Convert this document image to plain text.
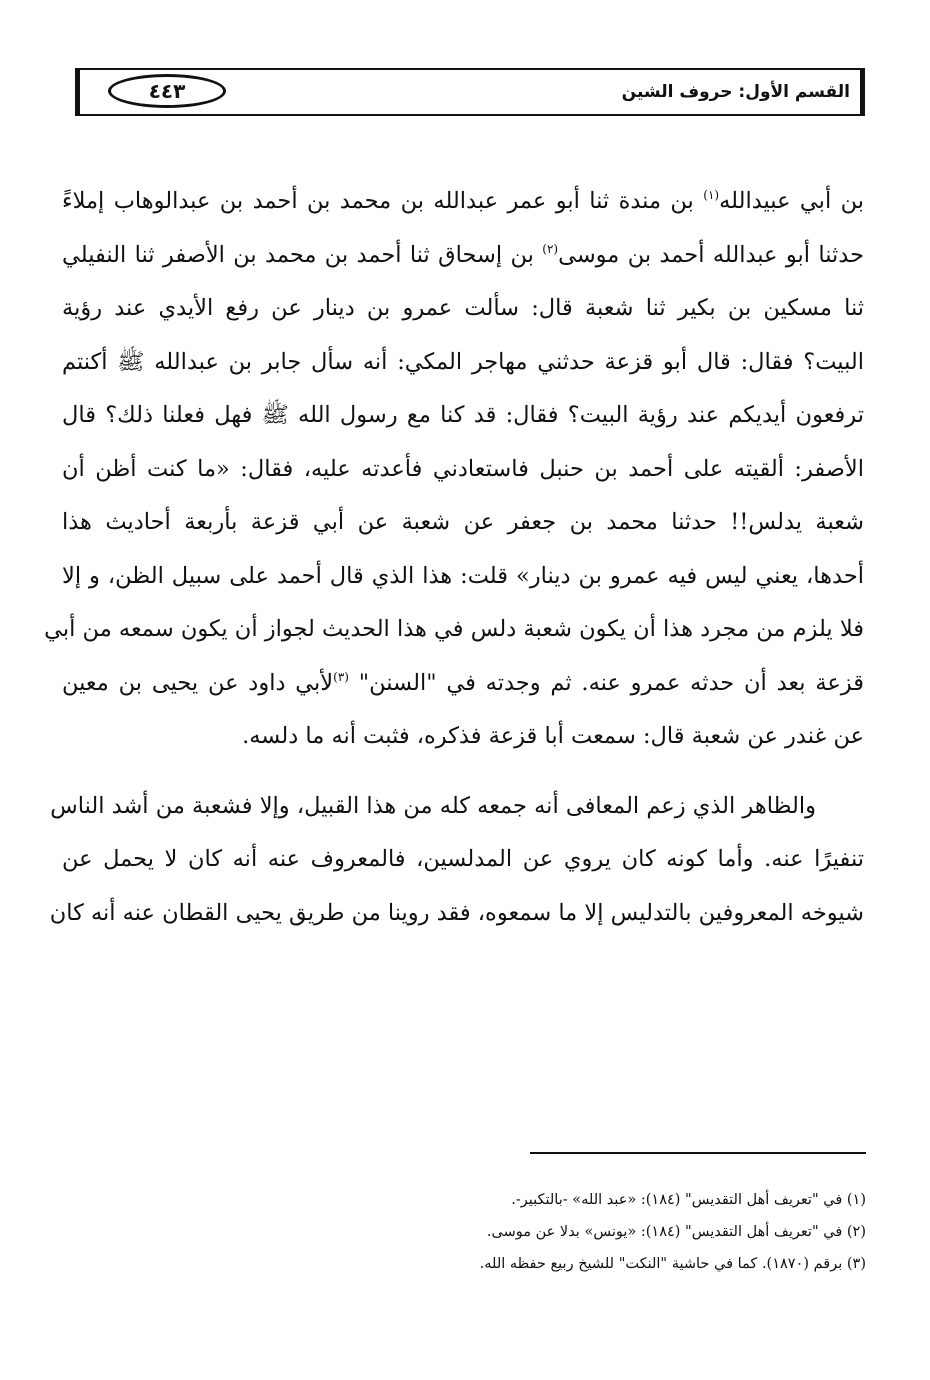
٤٤٣	القسم الأول: حروف الشين
بن أبي عبيدالله$^{(١)}$ بن مندة ثنا أبو عمر عبدالله بن محمد بن أحمد بن عبدالوهاب إملاءً
حدثنا أبو عبدالله أحمد بن موسى$^{(٢)}$ بن إسحاق ثنا أحمد بن محمد بن الأصفر ثنا النفيلي
ثنا مسكين بن بكير ثنا شعبة قال: سألت عمرو بن دينار عن رفع الأيدي عند رؤية
البيت؟ فقال: قال أبو قزعة حدثني مهاجر المكي: أنه سأل جابر بن عبدالله ﷺ أكنتم
ترفعون أيديكم عند رؤية البيت؟ فقال: قد كنا مع رسول الله ﷺ فهل فعلنا ذلك؟ قال
الأصفر: ألقيته على أحمد بن حنبل فاستعادني فأعدته عليه، فقال: «ما كنت أظن أن
شعبة يدلس!! حدثنا محمد بن جعفر عن شعبة عن أبي قزعة بأربعة أحاديث هذا
أحدها، يعني ليس فيه عمرو بن دينار» قلت: هذا الذي قال أحمد على سبيل الظن، و إلا
فلا يلزم من مجرد هذا أن يكون شعبة دلس في هذا الحديث لجواز أن يكون سمعه من أبي
قزعة بعد أن حدثه عمرو عنه. ثم وجدته في "السنن" $^{(٣)}$لأبي داود عن يحيى بن معين
عن غندر عن شعبة قال: سمعت أبا قزعة فذكره، فثبت أنه ما دلسه.
والظاهر الذي زعم المعافى أنه جمعه كله من هذا القبيل، وإلا فشعبة من أشد الناس
تنفيرًا عنه. وأما كونه كان يروي عن المدلسين، فالمعروف عنه أنه كان لا يحمل عن
شيوخه المعروفين بالتدليس إلا ما سمعوه، فقد روينا من طريق يحيى القطان عنه أنه كان
(١) في "تعريف أهل التقديس" (١٨٤): «عبد الله» -بالتكبير-.
(٢) في "تعريف أهل التقديس" (١٨٤): «يونس» بدلا عن موسى.
(٣) برقم (١٨٧٠). كما في حاشية "النكت" للشيخ ربيع حفظه الله.
